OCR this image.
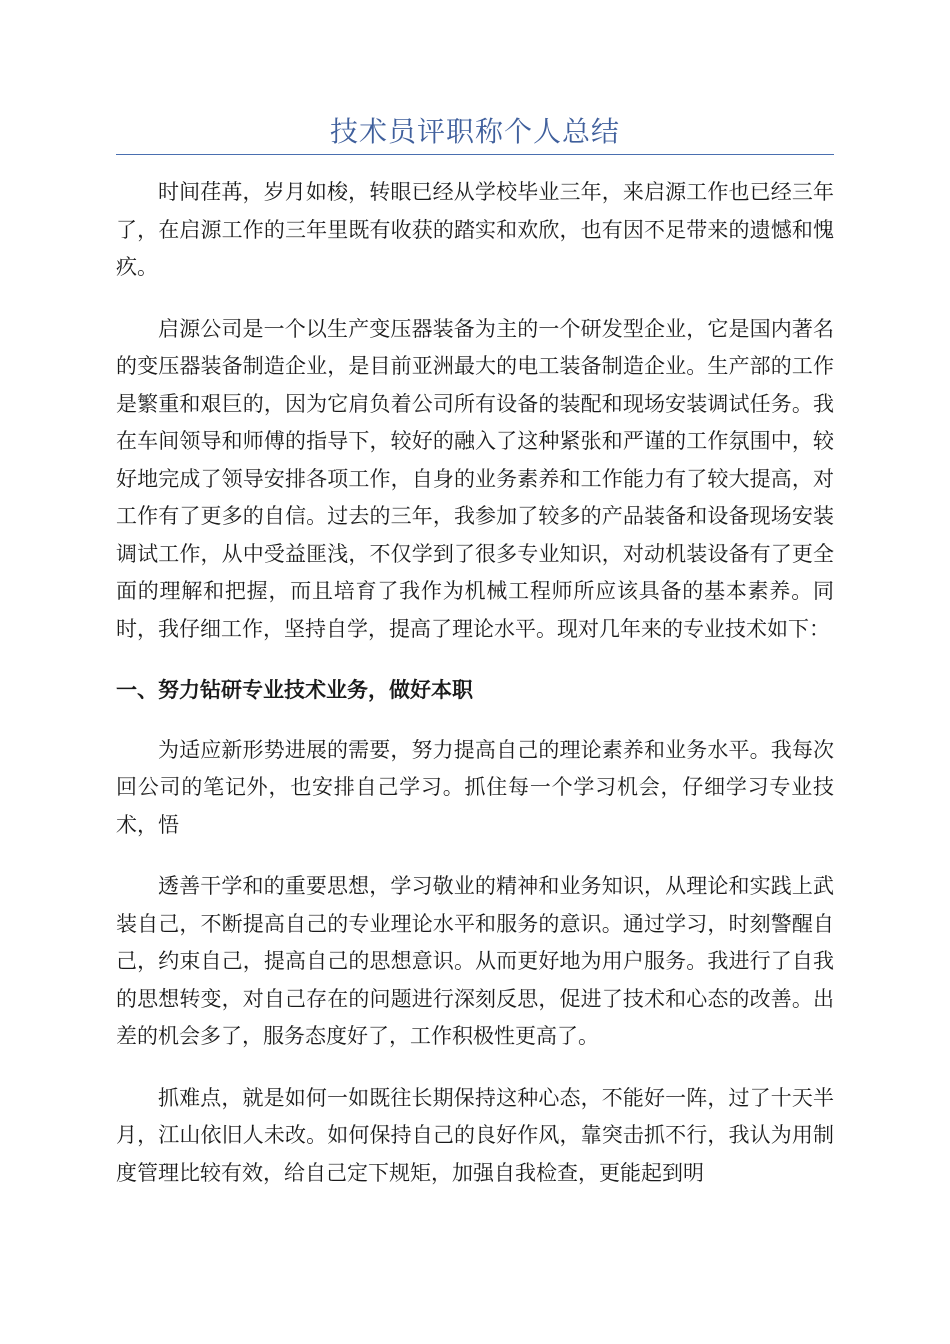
技术员评职称个人总结

时间荏苒，岁月如梭，转眼已经从学校毕业三年，来启源工作也已经三年了，在启源工作的三年里既有收获的踏实和欢欣，也有因不足带来的遗憾和愧疚。

启源公司是一个以生产变压器装备为主的一个研发型企业，它是国内著名的变压器装备制造企业，是目前亚洲最大的电工装备制造企业。生产部的工作是繁重和艰巨的，因为它肩负着公司所有设备的装配和现场安装调试任务。我在车间领导和师傅的指导下，较好的融入了这种紧张和严谨的工作氛围中，较好地完成了领导安排各项工作，自身的业务素养和工作能力有了较大提高，对工作有了更多的自信。过去的三年，我参加了较多的产品装备和设备现场安装调试工作，从中受益匪浅，不仅学到了很多专业知识，对动机装设备有了更全面的理解和把握，而且培育了我作为机械工程师所应该具备的基本素养。同时，我仔细工作，坚持自学，提高了理论水平。现对几年来的专业技术如下：

一、努力钻研专业技术业务，做好本职

为适应新形势进展的需要，努力提高自己的理论素养和业务水平。我每次回公司的笔记外，也安排自己学习。抓住每一个学习机会，仔细学习专业技术，悟

透善干学和的重要思想，学习敬业的精神和业务知识，从理论和实践上武装自己，不断提高自己的专业理论水平和服务的意识。通过学习，时刻警醒自己，约束自己，提高自己的思想意识。从而更好地为用户服务。我进行了自我的思想转变，对自己存在的问题进行深刻反思，促进了技术和心态的改善。出差的机会多了，服务态度好了，工作积极性更高了。

抓难点，就是如何一如既往长期保持这种心态，不能好一阵，过了十天半月，江山依旧人未改。如何保持自己的良好作风，靠突击抓不行，我认为用制度管理比较有效，给自己定下规矩，加强自我检查，更能起到明
